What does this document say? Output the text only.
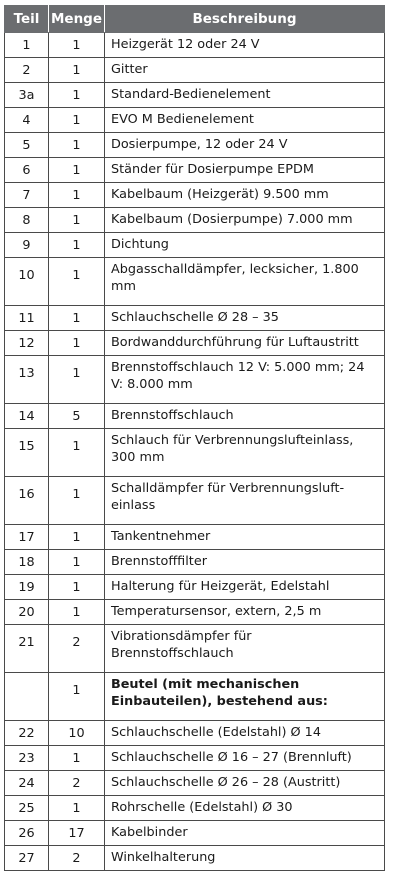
Teil	Menge	Beschreibung
1	1	Heizgerät 12 oder 24 V
2	1	Gitter
3a	1	Standard-Bedienelement
4	1	EVO M Bedienelement
5	1	Dosierpumpe, 12 oder 24 V
6	1	Ständer für Dosierpumpe EPDM
7	1	Kabelbaum (Heizgerät) 9.500 mm
8	1	Kabelbaum (Dosierpumpe) 7.000 mm
9	1	Dichtung
10	1	Abgasschalldämpfer, lecksicher, 1.800 mm
11	1	Schlauchschelle Ø 28 – 35
12	1	Bordwanddurchführung für Luftaustritt
13	1	Brennstoffschlauch 12 V: 5.000 mm; 24 V: 8.000 mm
14	5	Brennstoffschlauch
15	1	Schlauch für Verbrennungslufteinlass, 300 mm
16	1	Schalldämpfer für Verbrennungsluft-einlass
17	1	Tankentnehmer
18	1	Brennstofffilter
19	1	Halterung für Heizgerät, Edelstahl
20	1	Temperatursensor, extern, 2,5 m
21	2	Vibrationsdämpfer für Brennstoffschlauch
	1	Beutel (mit mechanischen Einbauteilen), bestehend aus:
22	10	Schlauchschelle (Edelstahl) Ø 14
23	1	Schlauchschelle Ø 16 – 27 (Brennluft)
24	2	Schlauchschelle Ø 26 – 28 (Austritt)
25	1	Rohrschelle (Edelstahl) Ø 30
26	17	Kabelbinder
27	2	Winkelhalterung
